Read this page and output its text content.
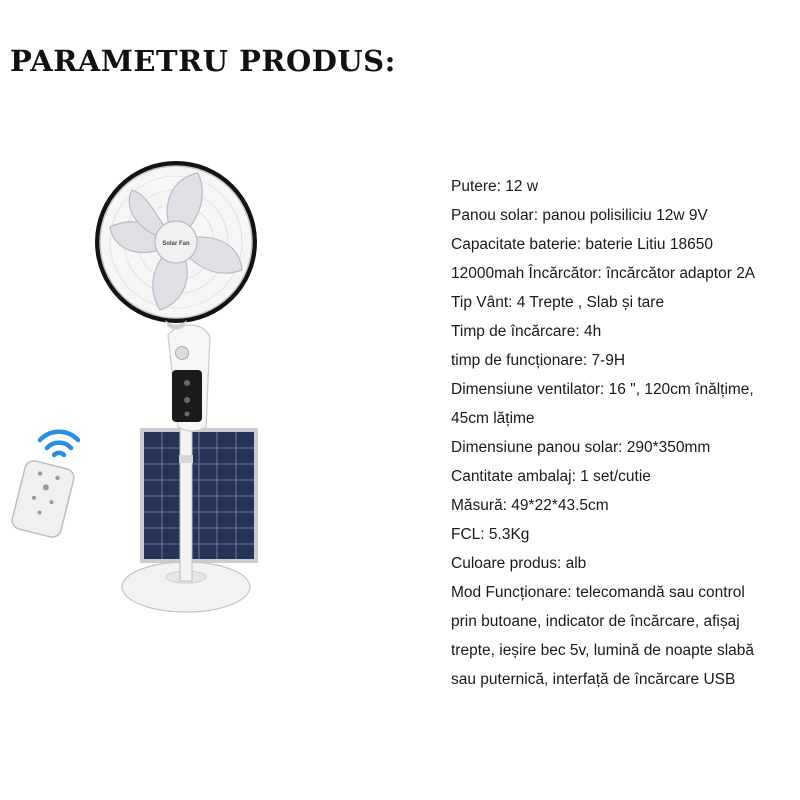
PARAMETRU PRODUS:
Solar Fan
Putere: 12 w
Panou solar: panou polisiliciu 12w 9V
Capacitate baterie: baterie Litiu 18650
12000mah Încărcător: încărcător adaptor 2A
Tip Vânt: 4 Trepte , Slab și tare
Timp de încărcare: 4h
timp de funcționare: 7-9H
Dimensiune ventilator: 16 ", 120cm înălțime,
45cm lățime
Dimensiune panou solar: 290*350mm
Cantitate ambalaj: 1 set/cutie
Măsură: 49*22*43.5cm
FCL: 5.3Kg
Culoare produs: alb
Mod Funcționare: telecomandă sau control
prin butoane, indicator de încărcare, afișaj
trepte, ieșire bec 5v, lumină de noapte slabă
sau puternică, interfață de încărcare USB
